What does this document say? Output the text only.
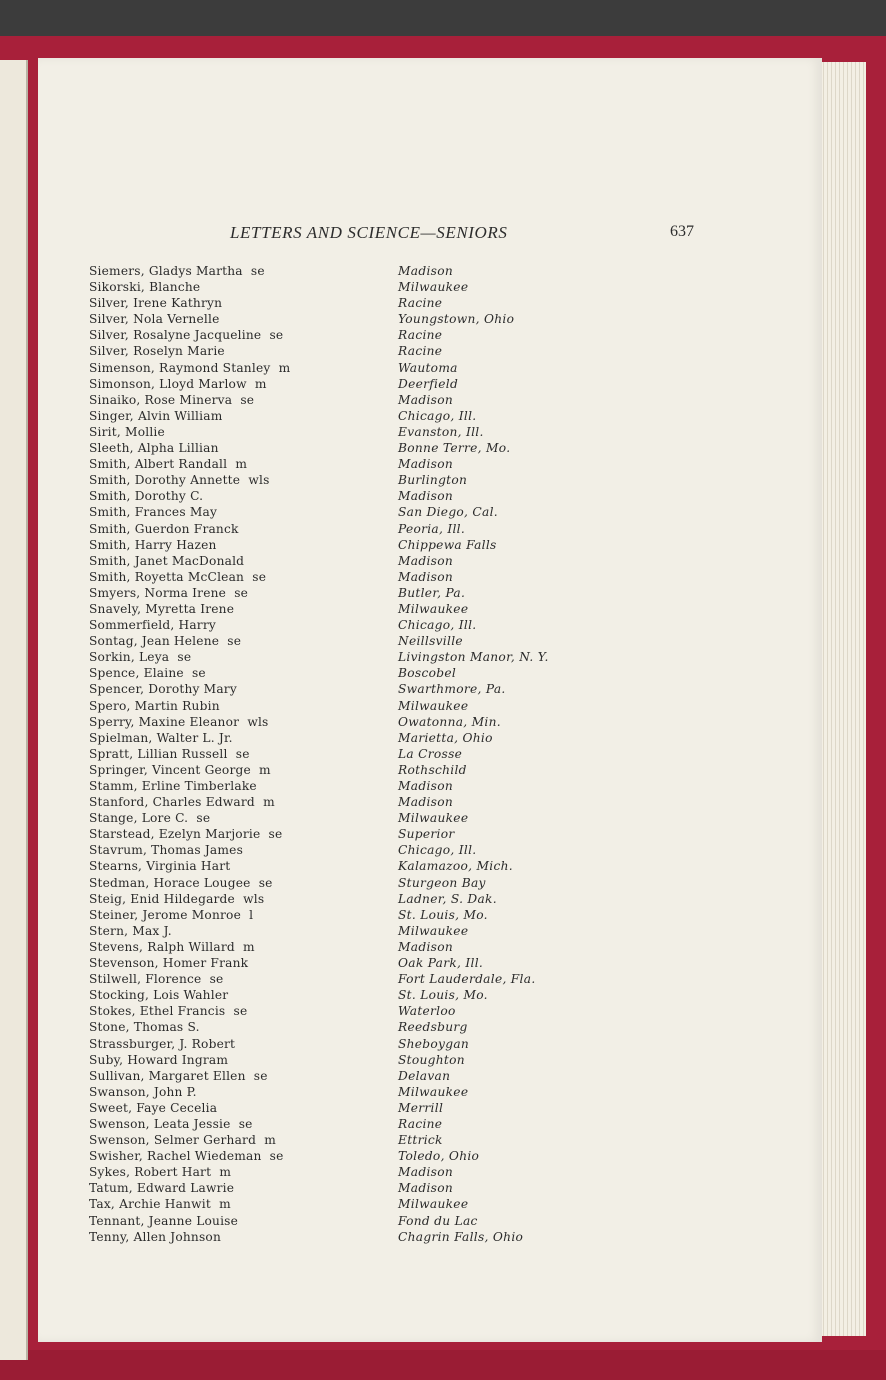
LETTERS AND SCIENCE—SENIORS	637
Siemers, Gladys Martha  se	Madison
Sikorski, Blanche	Milwaukee
Silver, Irene Kathryn	Racine
Silver, Nola Vernelle	Youngstown, Ohio
Silver, Rosalyne Jacqueline  se	Racine
Silver, Roselyn Marie	Racine
Simenson, Raymond Stanley  m	Wautoma
Simonson, Lloyd Marlow  m	Deerfield
Sinaiko, Rose Minerva  se	Madison
Singer, Alvin William	Chicago, Ill.
Sirit, Mollie	Evanston, Ill.
Sleeth, Alpha Lillian	Bonne Terre, Mo.
Smith, Albert Randall  m	Madison
Smith, Dorothy Annette  wls	Burlington
Smith, Dorothy C.	Madison
Smith, Frances May	San Diego, Cal.
Smith, Guerdon Franck	Peoria, Ill.
Smith, Harry Hazen	Chippewa Falls
Smith, Janet MacDonald	Madison
Smith, Royetta McClean  se	Madison
Smyers, Norma Irene  se	Butler, Pa.
Snavely, Myretta Irene	Milwaukee
Sommerfield, Harry	Chicago, Ill.
Sontag, Jean Helene  se	Neillsville
Sorkin, Leya  se	Livingston Manor, N. Y.
Spence, Elaine  se	Boscobel
Spencer, Dorothy Mary	Swarthmore, Pa.
Spero, Martin Rubin	Milwaukee
Sperry, Maxine Eleanor  wls	Owatonna, Min.
Spielman, Walter L. Jr.	Marietta, Ohio
Spratt, Lillian Russell  se	La Crosse
Springer, Vincent George  m	Rothschild
Stamm, Erline Timberlake	Madison
Stanford, Charles Edward  m	Madison
Stange, Lore C.  se	Milwaukee
Starstead, Ezelyn Marjorie  se	Superior
Stavrum, Thomas James	Chicago, Ill.
Stearns, Virginia Hart	Kalamazoo, Mich.
Stedman, Horace Lougee  se	Sturgeon Bay
Steig, Enid Hildegarde  wls	Ladner, S. Dak.
Steiner, Jerome Monroe  l	St. Louis, Mo.
Stern, Max J.	Milwaukee
Stevens, Ralph Willard  m	Madison
Stevenson, Homer Frank	Oak Park, Ill.
Stilwell, Florence  se	Fort Lauderdale, Fla.
Stocking, Lois Wahler	St. Louis, Mo.
Stokes, Ethel Francis  se	Waterloo
Stone, Thomas S.	Reedsburg
Strassburger, J. Robert	Sheboygan
Suby, Howard Ingram	Stoughton
Sullivan, Margaret Ellen  se	Delavan
Swanson, John P.	Milwaukee
Sweet, Faye Cecelia	Merrill
Swenson, Leata Jessie  se	Racine
Swenson, Selmer Gerhard  m	Ettrick
Swisher, Rachel Wiedeman  se	Toledo, Ohio
Sykes, Robert Hart  m	Madison
Tatum, Edward Lawrie	Madison
Tax, Archie Hanwit  m	Milwaukee
Tennant, Jeanne Louise	Fond du Lac
Tenny, Allen Johnson	Chagrin Falls, Ohio
